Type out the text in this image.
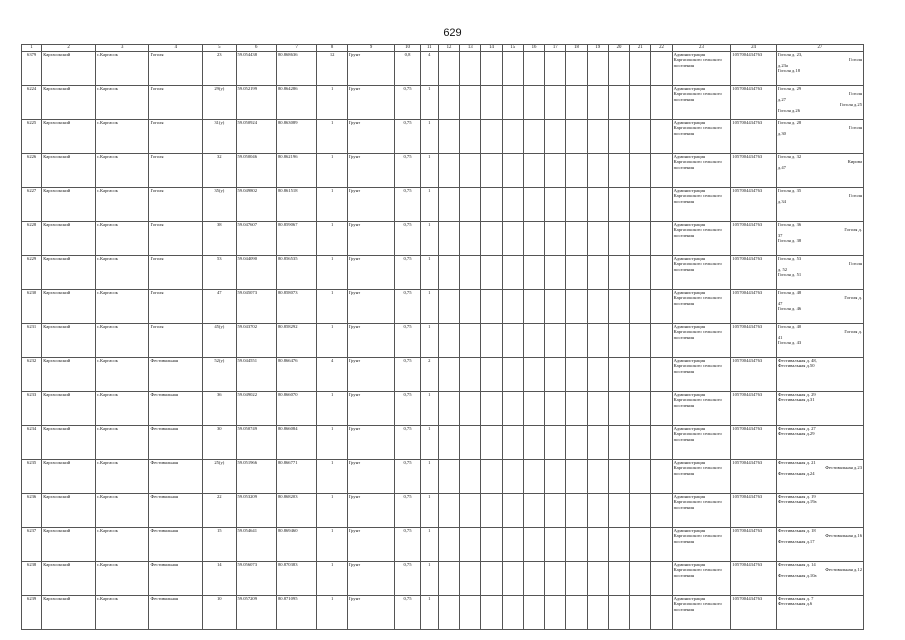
629
1	2	3	4	5	6	7	8	9	10	11	12	13	14	15	16	17	18	19	20	21	22	23	24	27
6379	Каргасокский	с.Каргасок	Гоголя	23	59.054438	80.868636	12	Грунт	0,8	4												Администрация Каргасокского сельского поселения	1057004434763	Гоголя д. 23,
Гоголя
д.23а
Гоголя д.18

6224	Каргасокский	с.Каргасок	Гоголя	29(у)	59.052199	80.864286	1	Грунт	0,75	1												Администрация Каргасокского сельского поселения	1057004434763	Гоголя д. 29
Гоголя
д.27
Гоголя д.25
Гоголя д.26

6225	Каргасокский	с.Каргасок	Гоголя	31(у)	59.050924	80.863089	1	Грунт	0,75	1												Администрация Каргасокского сельского поселения	1057004434763	Гоголя д. 28
Гоголя
д.30

6226	Каргасокский	с.Каргасок	Гоголя	32	59.050046	80.862196	1	Грунт	0,75	1												Администрация Каргасокского сельского поселения	1057004434763	Гоголя д. 32
Кирова
д.47

6227	Каргасокский	с.Каргасок	Гоголя	35(у)	59.049802	80.861518	1	Грунт	0,75	1												Администрация Каргасокского сельского поселения	1057004434763	Гоголя д. 35
Гоголя
д.34

6228	Каргасокский	с.Каргасок	Гоголя	38	59.047607	80.859067	1	Грунт	0,75	1												Администрация Каргасокского сельского поселения	1057004434763	Гоголя д. 36
Гоголя д.
37
Гоголя д. 38

6229	Каргасокский	с.Каргасок	Гоголя	53	59.044090	80.856535	1	Грунт	0,75	1												Администрация Каргасокского сельского поселения	1057004434763	Гоголя д. 53
Гоголя
д. 52
Гоголя д. 51

6230	Каргасокский	с.Каргасок	Гоголя	47	59.045073	80.858073	1	Грунт	0,75	1												Администрация Каргасокского сельского поселения	1057004434763	Гоголя д. 48
Гоголя д.
47
Гоголя д. 46

6231	Каргасокский	с.Каргасок	Гоголя	45(у)	59.043702	80.858292	1	Грунт	0,75	1												Администрация Каргасокского сельского поселения	1057004434763	Гоголя д. 40
Гоголя д.
41
Гоголя д. 43

6232	Каргасокский	с.Каргасок	Фестивальная	52(у)	59.044551	80.866476	4	Грунт	0,75	2												Администрация Каргасокского сельского поселения	1057004434763	Фестивальная д. 48,
Фестивальная д.50

6233	Каргасокский	с.Каргасок	Фестивальная	36	59.049022	80.866070	1	Грунт	0,75	1												Администрация Каргасокского сельского поселения	1057004434763	Фестивальная д. 29
Фестивальная д.31

6234	Каргасокский	с.Каргасок	Фестивальная	30	59.050749	80.866084	1	Грунт	0,75	1												Администрация Каргасокского сельского поселения	1057004434763	Фестивальная д. 27
Фестивальная д.29

6235	Каргасокский	с.Каргасок	Фестивальная	25(у)	59.051966	80.866771	1	Грунт	0,75	1												Администрация Каргасокского сельского поселения	1057004434763	Фестивальная д. 21
Фестивальная д.23
Фестивальная д.24

6236	Каргасокский	с.Каргасок	Фестивальная	22	59.053209	80.868203	1	Грунт	0,75	1												Администрация Каргасокского сельского поселения	1057004434763	Фестивальная д. 19
Фестивальная д.19а

6237	Каргасокский	с.Каргасок	Фестивальная	15	59.054641	80.869460	1	Грунт	0,75	1												Администрация Каргасокского сельского поселения	1057004434763	Фестивальная д. 18
Фестивальная д.16
Фестивальная д.17

6238	Каргасокский	с.Каргасок	Фестивальная	14	59.056073	80.870383	1	Грунт	0,75	1												Администрация Каргасокского сельского поселения	1057004434763	Фестивальная д. 14
Фестивальная д.12
Фестивальная д.10а

6239	Каргасокский	с.Каргасок	Фестивальная	10	59.057209	80.871095	1	Грунт	0,75	1												Администрация Каргасокского сельского поселения	1057004434763	Фестивальная д. 7
Фестивальная д.6
